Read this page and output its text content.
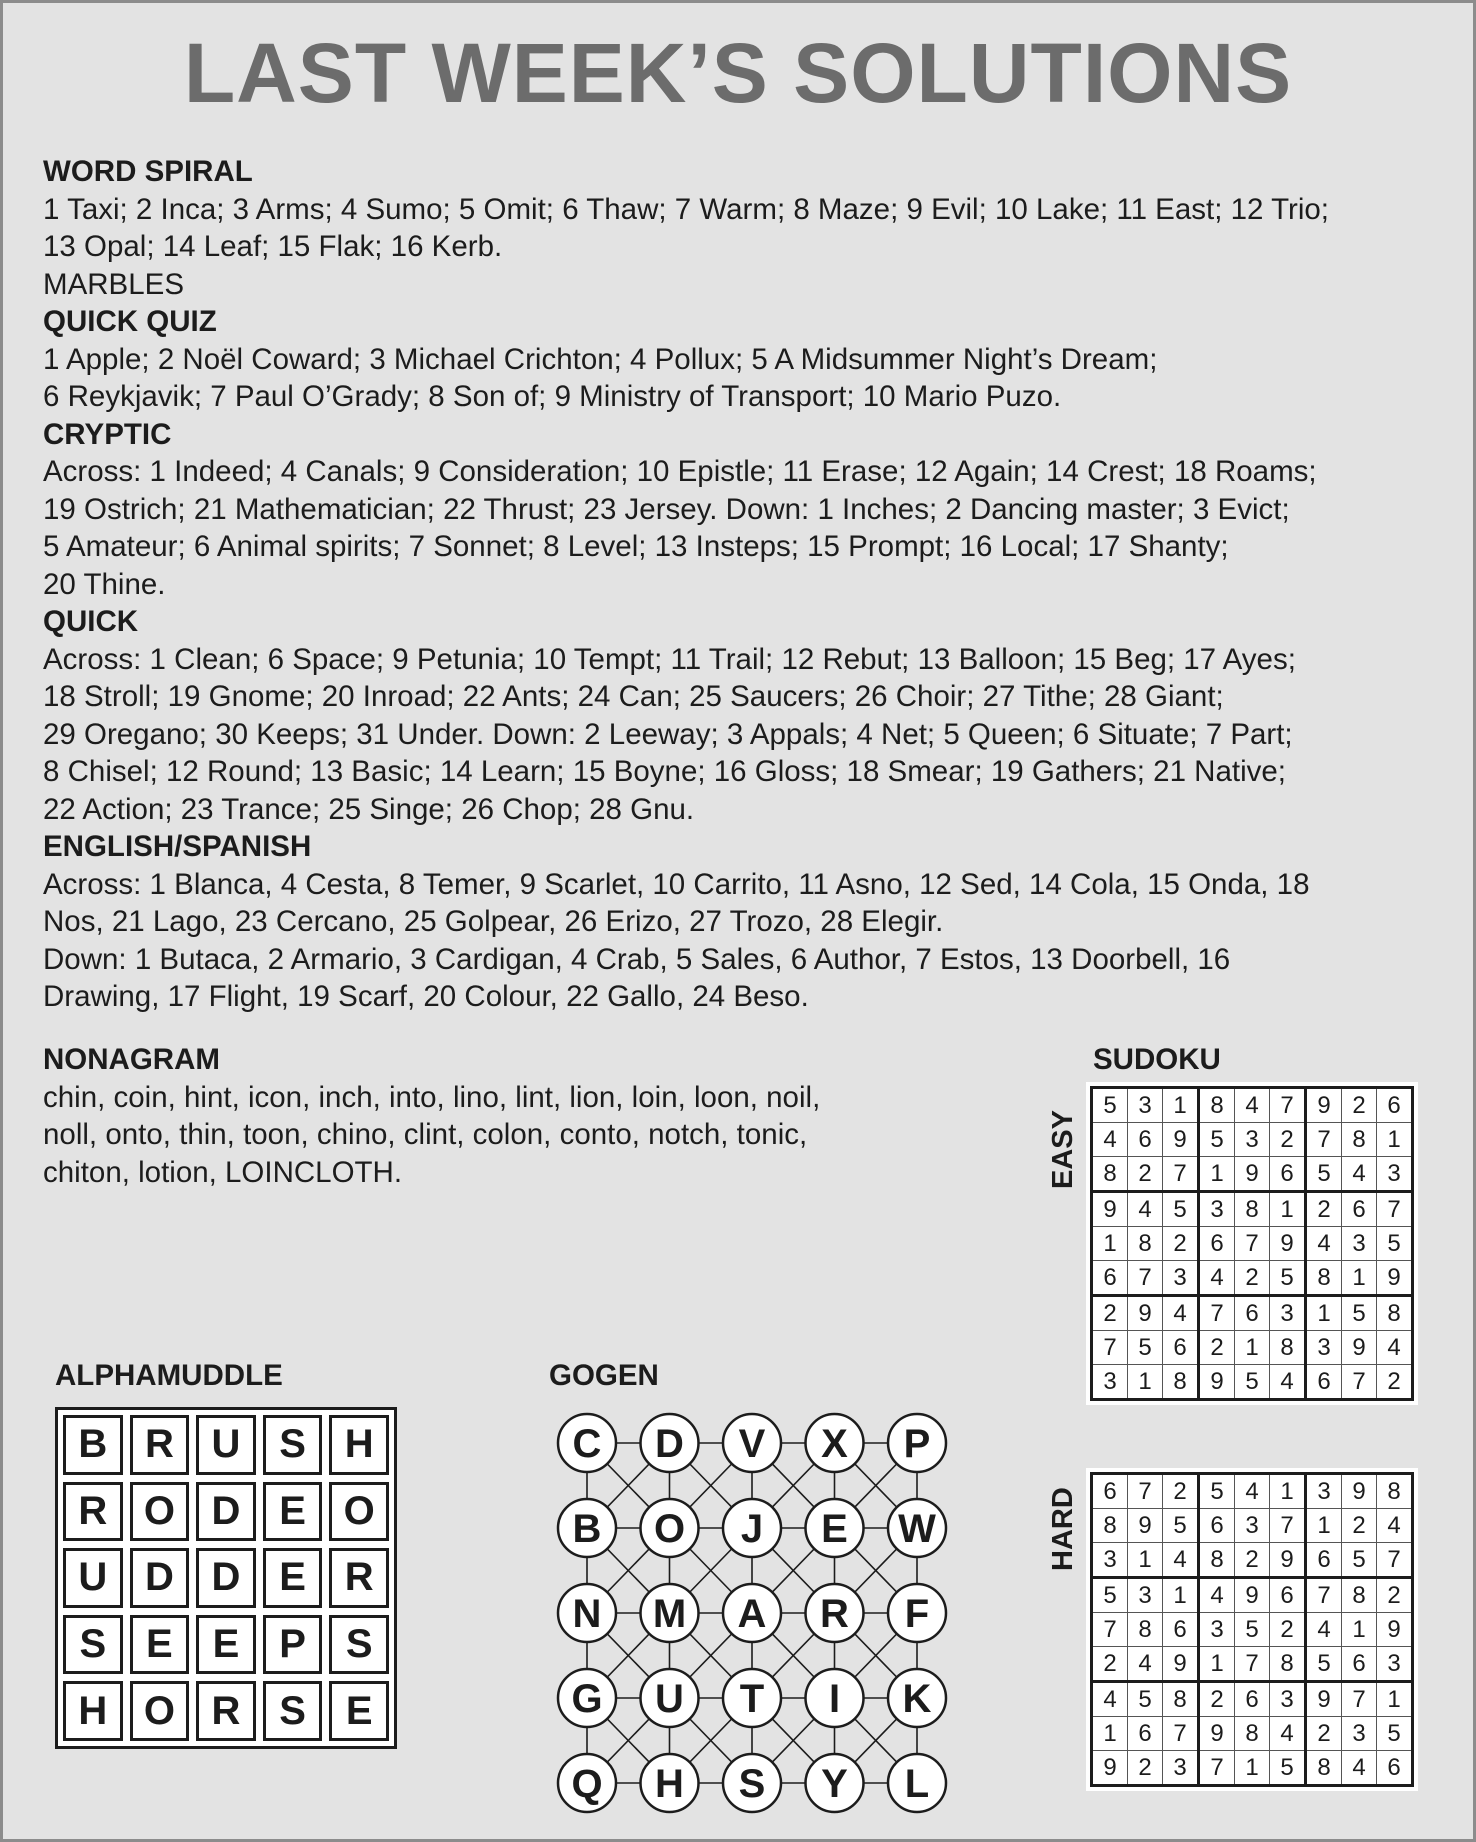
LAST WEEK’S SOLUTIONS
WORD SPIRAL
1 Taxi; 2 Inca; 3 Arms; 4 Sumo; 5 Omit; 6 Thaw; 7 Warm; 8 Maze; 9 Evil; 10 Lake; 11 East; 12 Trio;
13 Opal; 14 Leaf; 15 Flak; 16 Kerb.
MARBLES
QUICK QUIZ
1 Apple; 2 Noël Coward; 3 Michael Crichton; 4 Pollux; 5 A Midsummer Night’s Dream;
6 Reykjavik; 7 Paul O’Grady; 8 Son of; 9 Ministry of Transport; 10 Mario Puzo.
CRYPTIC
Across: 1 Indeed; 4 Canals; 9 Consideration; 10 Epistle; 11 Erase; 12 Again; 14 Crest; 18 Roams;
19 Ostrich; 21 Mathematician; 22 Thrust; 23 Jersey. Down: 1 Inches; 2 Dancing master; 3 Evict;
5 Amateur; 6 Animal spirits; 7 Sonnet; 8 Level; 13 Insteps; 15 Prompt; 16 Local; 17 Shanty;
20 Thine.
QUICK
Across: 1 Clean; 6 Space; 9 Petunia; 10 Tempt; 11 Trail; 12 Rebut; 13 Balloon; 15 Beg; 17 Ayes;
18 Stroll; 19 Gnome; 20 Inroad; 22 Ants; 24 Can; 25 Saucers; 26 Choir; 27 Tithe; 28 Giant;
29 Oregano; 30 Keeps; 31 Under. Down: 2 Leeway; 3 Appals; 4 Net; 5 Queen; 6 Situate; 7 Part;
8 Chisel; 12 Round; 13 Basic; 14 Learn; 15 Boyne; 16 Gloss; 18 Smear; 19 Gathers; 21 Native;
22 Action; 23 Trance; 25 Singe; 26 Chop; 28 Gnu.
ENGLISH/SPANISH
Across: 1 Blanca, 4 Cesta, 8 Temer, 9 Scarlet, 10 Carrito, 11 Asno, 12 Sed, 14 Cola, 15 Onda, 18
Nos, 21 Lago, 23 Cercano, 25 Golpear, 26 Erizo, 27 Trozo, 28 Elegir.
Down: 1 Butaca, 2 Armario, 3 Cardigan, 4 Crab, 5 Sales, 6 Author, 7 Estos, 13 Doorbell, 16
Drawing, 17 Flight, 19 Scarf, 20 Colour, 22 Gallo, 24 Beso.
NONAGRAM
chin, coin, hint, icon, inch, into, lino, lint, lion, loin, loon, noil,
noll, onto, thin, toon, chino, clint, colon, conto, notch, tonic,
chiton, lotion, LOINCLOTH.
SUDOKU
EASY
5	3	1	8	4	7	9	2	6
4	6	9	5	3	2	7	8	1
8	2	7	1	9	6	5	4	3
9	4	5	3	8	1	2	6	7
1	8	2	6	7	9	4	3	5
6	7	3	4	2	5	8	1	9
2	9	4	7	6	3	1	5	8
7	5	6	2	1	8	3	9	4
3	1	8	9	5	4	6	7	2
HARD 6	7	2	5	4	1	3	9	8
8	9	5	6	3	7	1	2	4
3	1	4	8	2	9	6	5	7
5	3	1	4	9	6	7	8	2
7	8	6	3	5	2	4	1	9
2	4	9	1	7	8	5	6	3
4	5	8	2	6	3	9	7	1
1	6	7	9	8	4	2	3	5
9	2	3	7	1	5	8	4	6
ALPHAMUDDLE
B R U S H
R O D E O
U D D E R
S E E P S
H O R S E
GOGEN
C D V X P
B O J E W
N M A R F
G U T I K
Q H S Y L
